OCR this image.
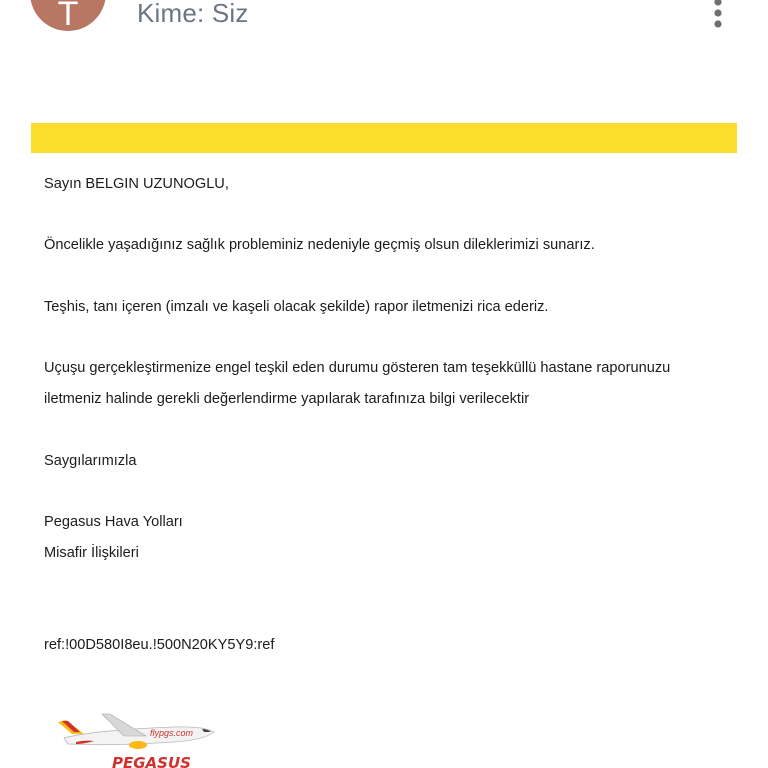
T	Kime: Siz
Sayın BELGIN UZUNOGLU,
Öncelikle yaşadığınız sağlık probleminiz nedeniyle geçmiş olsun dileklerimizi sunarız.
Teşhis, tanı içeren (imzalı ve kaşeli olacak şekilde) rapor iletmenizi rica ederiz.
Uçuşu gerçekleştirmenize engel teşkil eden durumu gösteren tam teşekküllü hastane raporunuzu
iletmeniz halinde gerekli değerlendirme yapılarak tarafınıza bilgi verilecektir
Saygılarımızla
Pegasus Hava Yolları
Misafir İlişkileri
ref:!00D580I8eu.!500N20KY5Y9:ref
flypgs.com
PEGASUS
